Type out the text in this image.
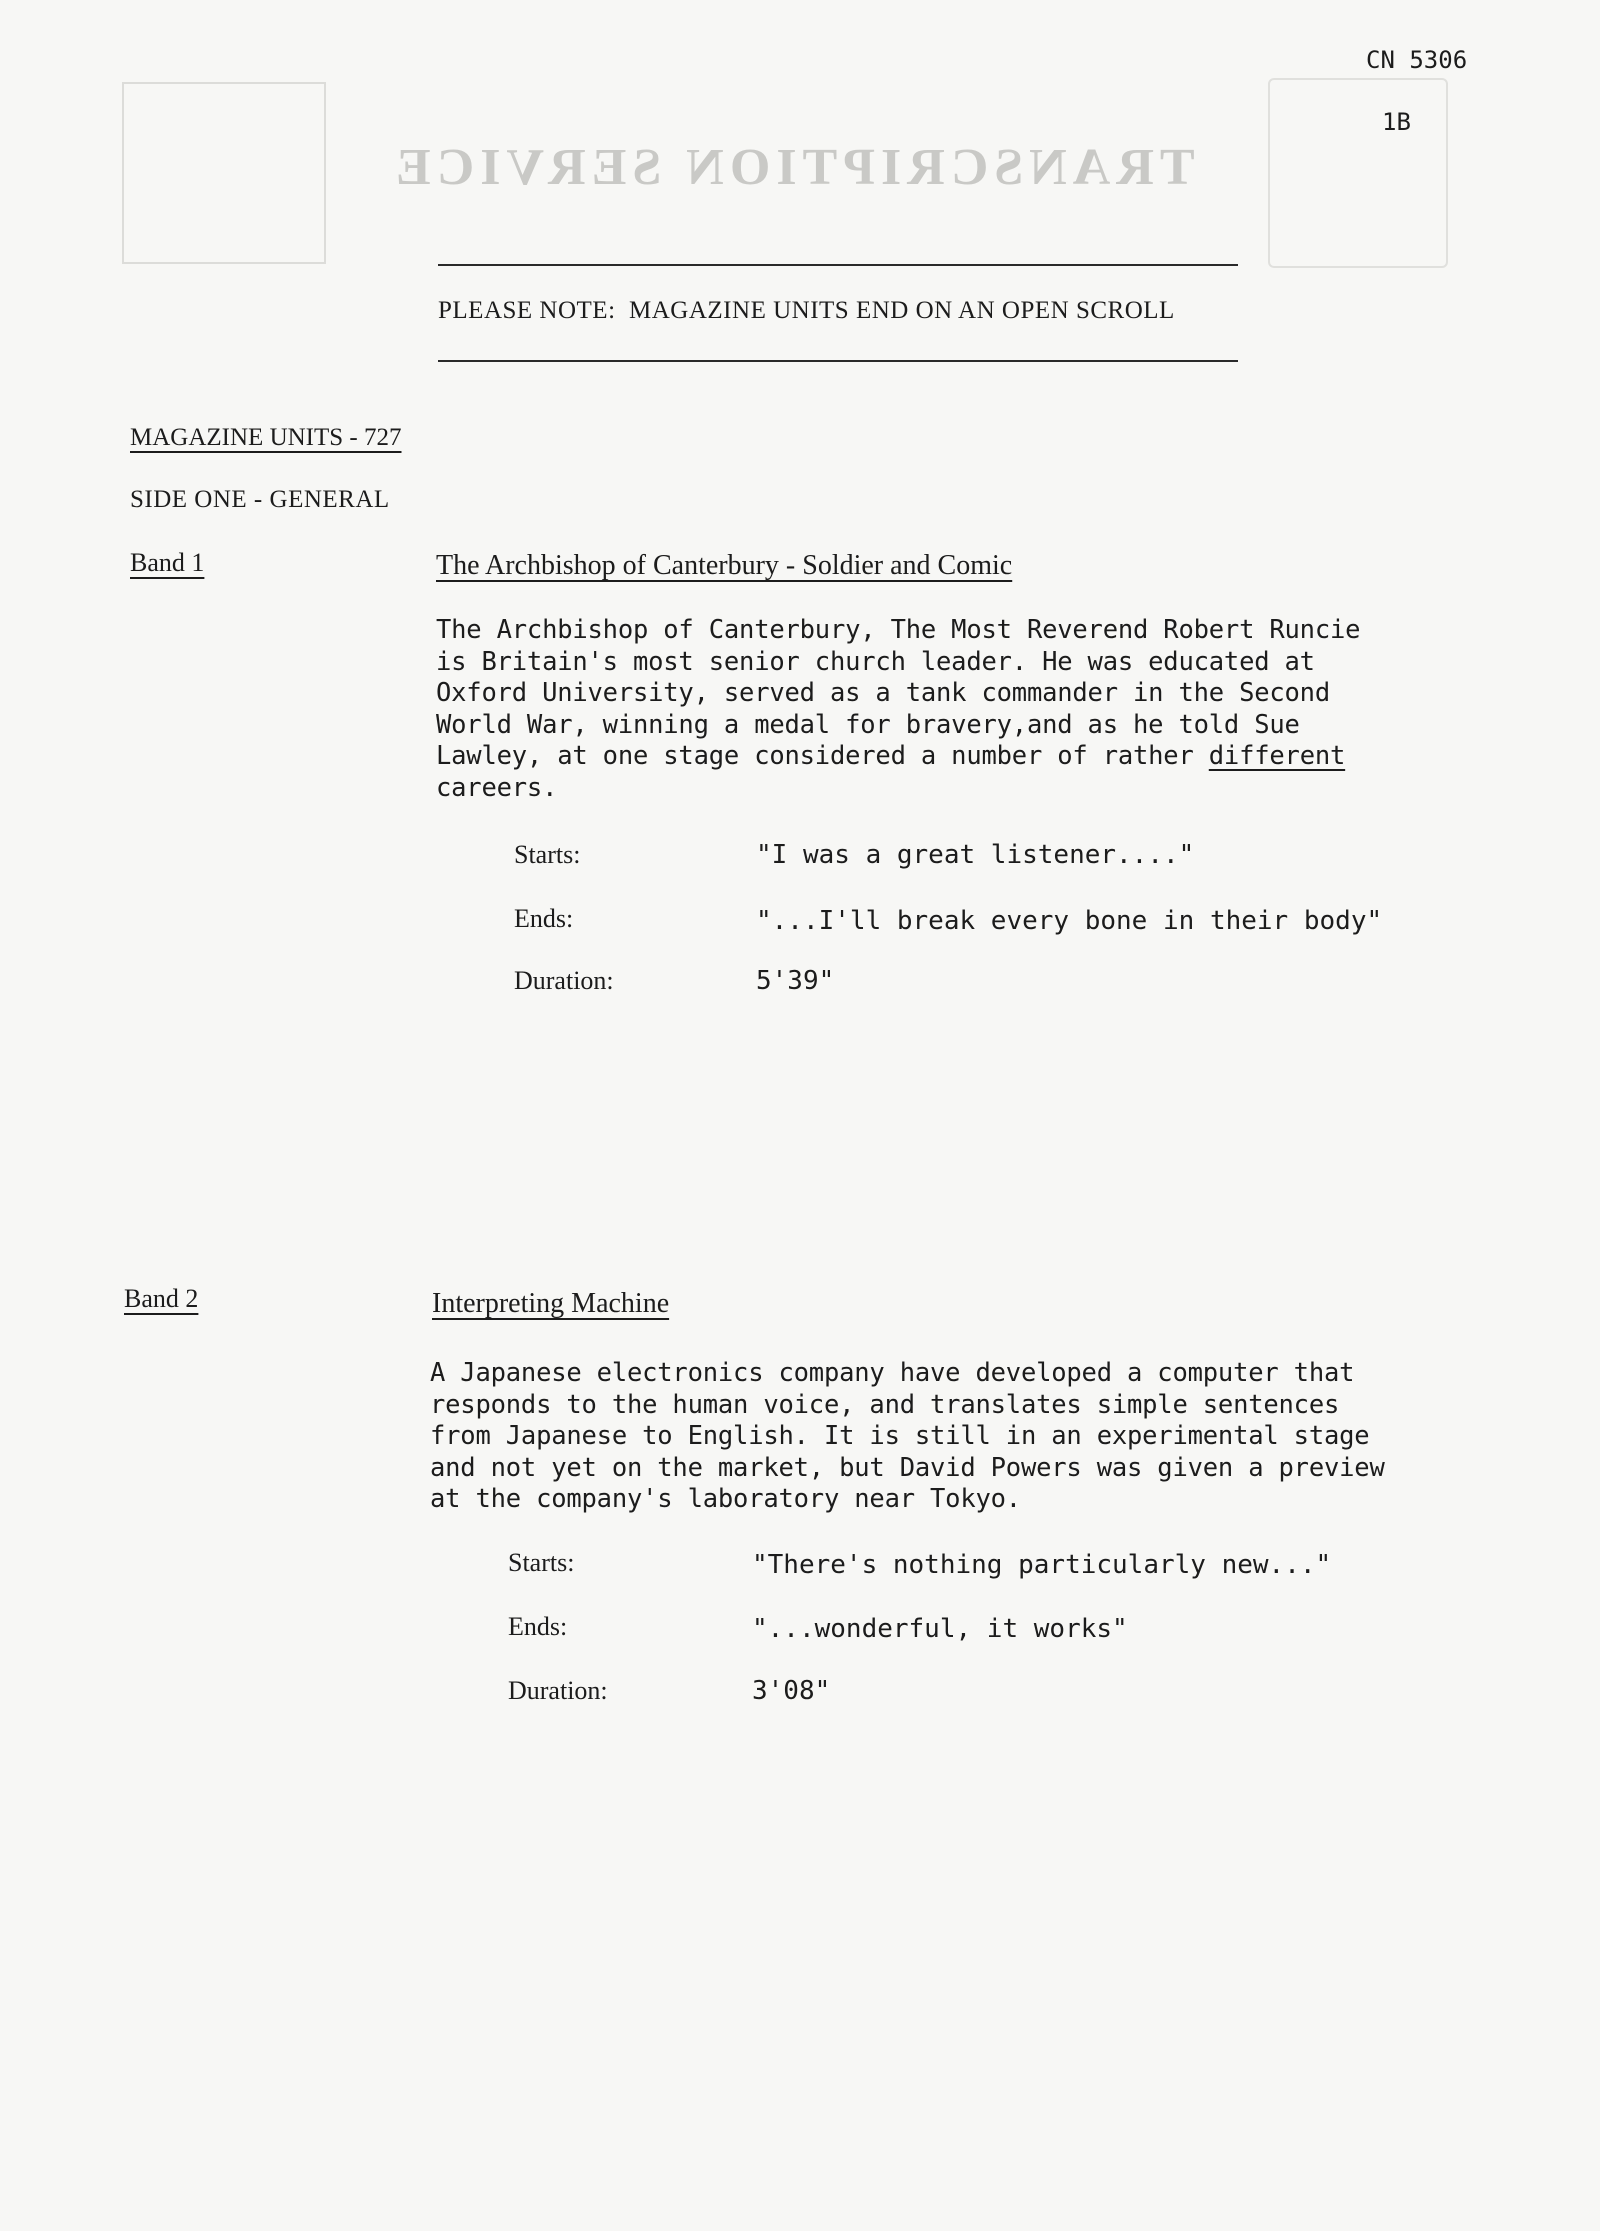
TRANSCRIPTION SERVICE
CN 5306
1B
PLEASE NOTE:  MAGAZINE UNITS END ON AN OPEN SCROLL
MAGAZINE UNITS - 727
SIDE ONE - GENERAL
Band 1	The Archbishop of Canterbury - Soldier and Comic
The Archbishop of Canterbury, The Most Reverend Robert Runcie
is Britain's most senior church leader. He was educated at
Oxford University, served as a tank commander in the Second
World War, winning a medal for bravery,and as he told Sue
Lawley, at one stage considered a number of rather different
careers.
Starts:	"I was a great listener...."
Ends:	"...I'll break every bone in their body"
Duration:	5'39"
Band 2	Interpreting Machine
A Japanese electronics company have developed a computer that
responds to the human voice, and translates simple sentences
from Japanese to English. It is still in an experimental stage
and not yet on the market, but David Powers was given a preview
at the company's laboratory near Tokyo.
Starts:	"There's nothing particularly new..."
Ends:	"...wonderful, it works"
Duration:	3'08"
